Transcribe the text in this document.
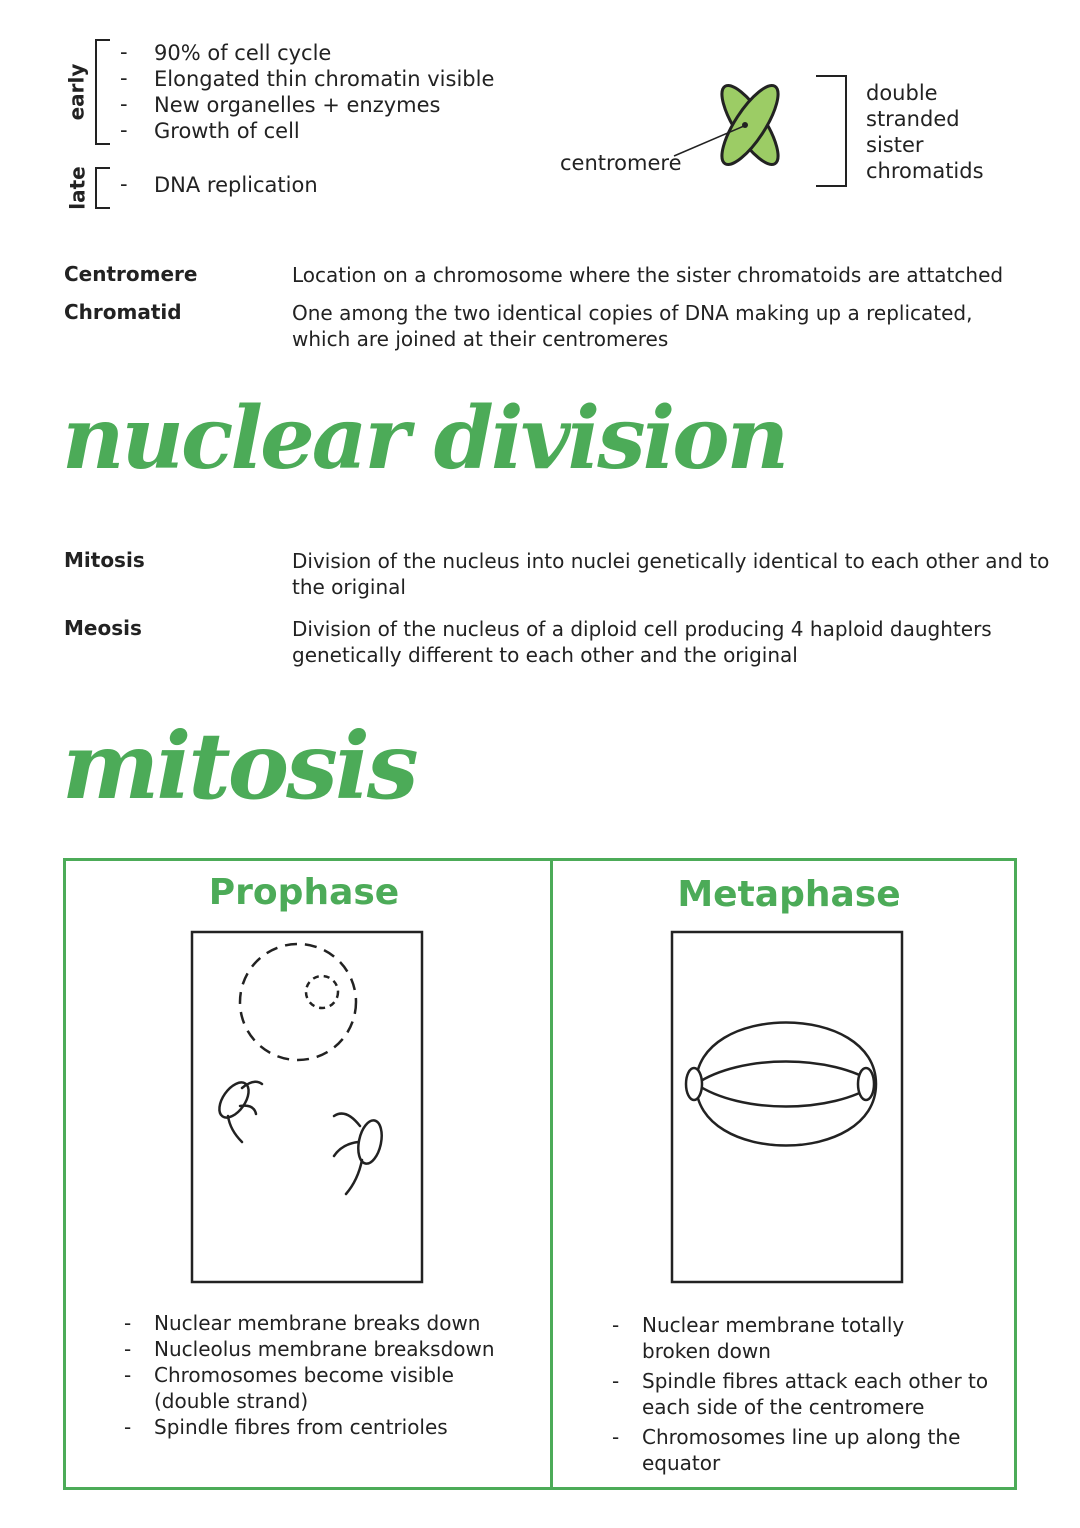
early
late
-
-
-
-
-
90% of cell cycle
Elongated thin chromatin visible
New organelles + enzymes
Growth of cell
DNA replication
centromere
double
stranded
sister
chromatids
Centromere	Location on a chromosome where the sister chromatoids are attatched
Chromatid	One among the two identical copies of DNA making up a replicated, which are joined at their centromeres
nuclear division
Mitosis	Division of the nucleus into nuclei genetically identical to each other and to the original
Meosis	Division of the nucleus of a diploid cell producing 4 haploid daughters genetically different to each other and the original
mitosis
Prophase
- Nuclear membrane breaks down
- Nucleolus membrane breaksdown
- Chromosomes become visible (double strand)
- Spindle fibres from centrioles
Metaphase
- Nuclear membrane totally broken down
- Spindle fibres attack each other to each side of the centromere
- Chromosomes line up along the equator
